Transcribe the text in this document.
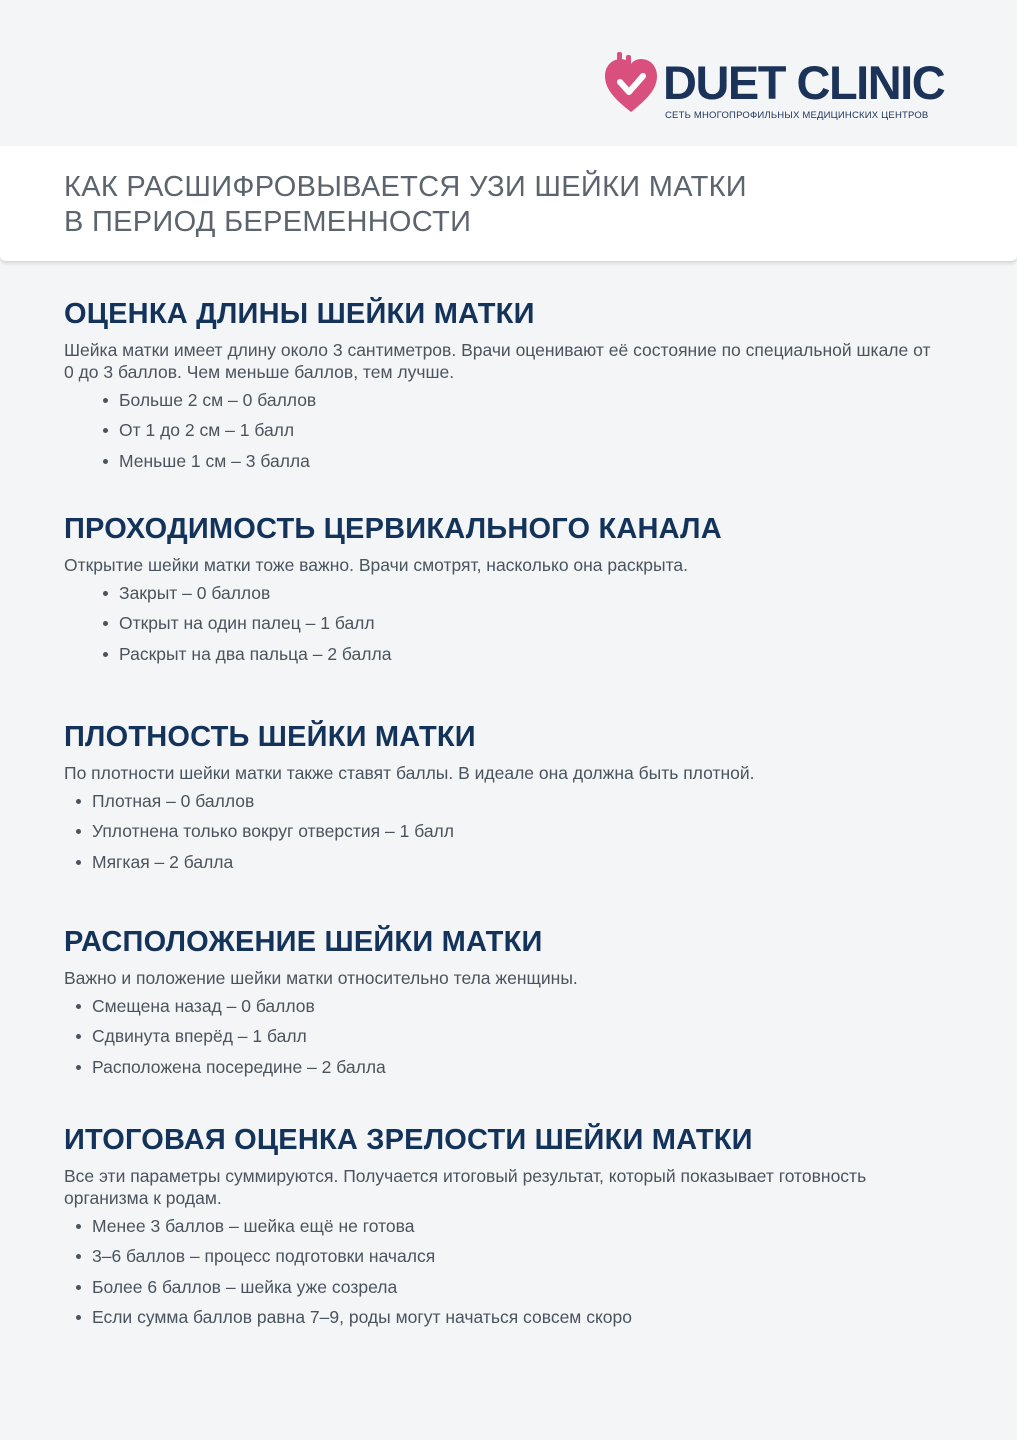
DUET CLINIC
СЕТЬ МНОГОПРОФИЛЬНЫХ МЕДИЦИНСКИХ ЦЕНТРОВ
КАК РАСШИФРОВЫВАЕТСЯ УЗИ ШЕЙКИ МАТКИ
В ПЕРИОД БЕРЕМЕННОСТИ
ОЦЕНКА ДЛИНЫ ШЕЙКИ МАТКИ

Шейка матки имеет длину около 3 сантиметров. Врачи оценивают её состояние по специальной шкале от 0 до 3 баллов. Чем меньше баллов, тем лучше.

Больше 2 см – 0 баллов
От 1 до 2 см – 1 балл
Меньше 1 см – 3 балла
ПРОХОДИМОСТЬ ЦЕРВИКАЛЬНОГО КАНАЛА

Открытие шейки матки тоже важно. Врачи смотрят, насколько она раскрыта.

Закрыт – 0 баллов
Открыт на один палец – 1 балл
Раскрыт на два пальца – 2 балла
ПЛОТНОСТЬ ШЕЙКИ МАТКИ

По плотности шейки матки также ставят баллы. В идеале она должна быть плотной.

Плотная – 0 баллов
Уплотнена только вокруг отверстия – 1 балл
Мягкая – 2 балла
РАСПОЛОЖЕНИЕ ШЕЙКИ МАТКИ

Важно и положение шейки матки относительно тела женщины.

Смещена назад – 0 баллов
Сдвинута вперёд – 1 балл
Расположена посередине – 2 балла
ИТОГОВАЯ ОЦЕНКА ЗРЕЛОСТИ ШЕЙКИ МАТКИ

Все эти параметры суммируются. Получается итоговый результат, который показывает готовность организма к родам.

Менее 3 баллов – шейка ещё не готова
3–6 баллов – процесс подготовки начался
Более 6 баллов – шейка уже созрела
Если сумма баллов равна 7–9, роды могут начаться совсем скоро
